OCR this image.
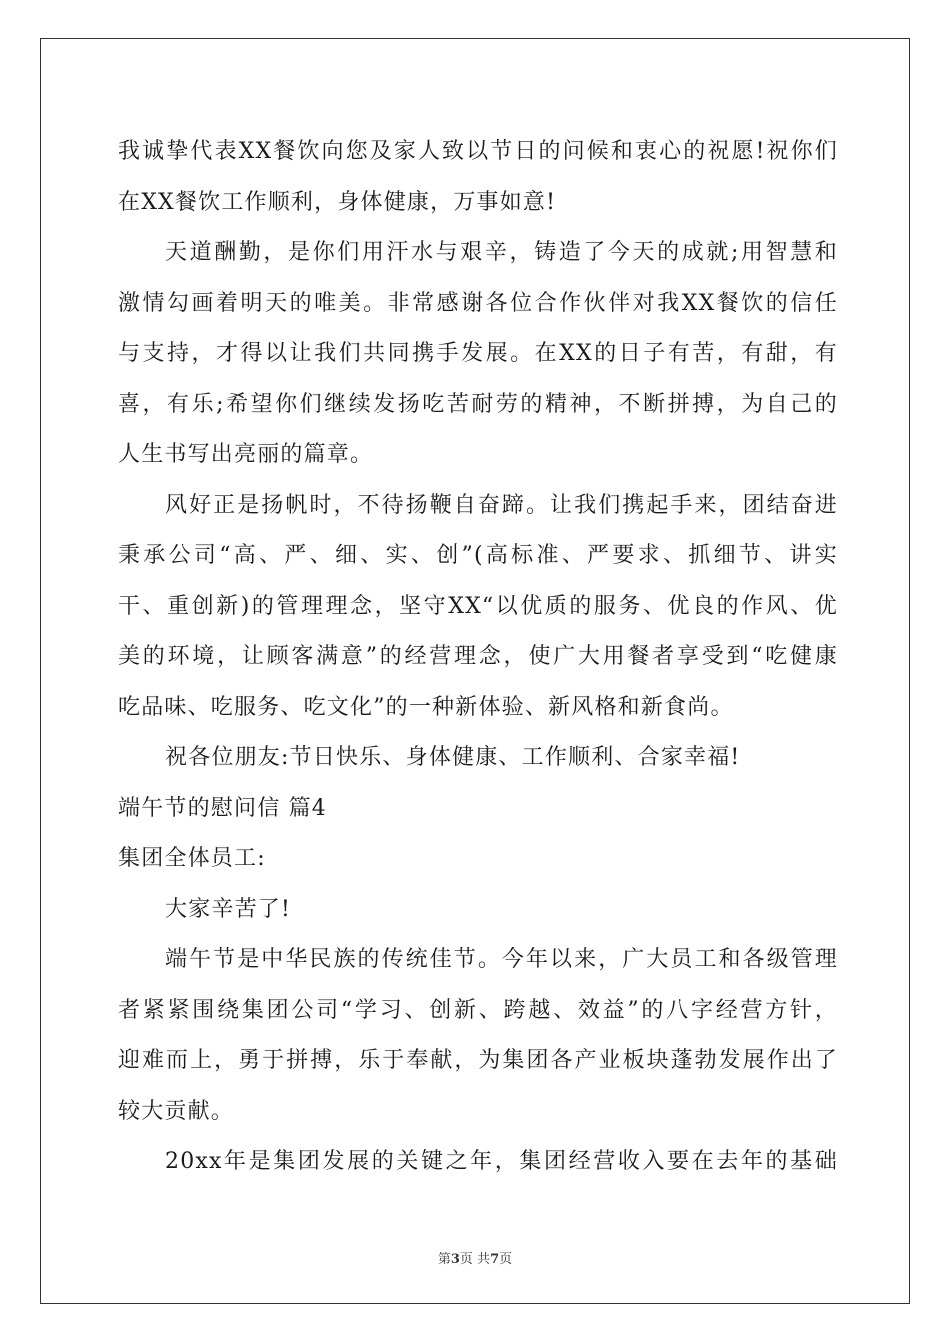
我诚挚代表XX餐饮向您及家人致以节日的问候和衷心的祝愿!祝你们
在XX餐饮工作顺利，身体健康，万事如意!
天道酬勤，是你们用汗水与艰辛，铸造了今天的成就;用智慧和
激情勾画着明天的唯美。非常感谢各位合作伙伴对我XX餐饮的信任
与支持，才得以让我们共同携手发展。在XX的日子有苦，有甜，有
喜，有乐;希望你们继续发扬吃苦耐劳的精神，不断拼搏，为自己的
人生书写出亮丽的篇章。
风好正是扬帆时，不待扬鞭自奋蹄。让我们携起手来，团结奋进
秉承公司“高、严、细、实、创”(高标准、严要求、抓细节、讲实
干、重创新)的管理理念，坚守XX“以优质的服务、优良的作风、优
美的环境，让顾客满意”的经营理念，使广大用餐者享受到“吃健康
吃品味、吃服务、吃文化”的一种新体验、新风格和新食尚。
祝各位朋友:节日快乐、身体健康、工作顺利、合家幸福!
端午节的慰问信 篇4
集团全体员工:
大家辛苦了!
端午节是中华民族的传统佳节。今年以来，广大员工和各级管理
者紧紧围绕集团公司“学习、创新、跨越、效益”的八字经营方针，
迎难而上，勇于拼搏，乐于奉献，为集团各产业板块蓬勃发展作出了
较大贡献。
20xx年是集团发展的关键之年，集团经营收入要在去年的基础
第3页 共7页
